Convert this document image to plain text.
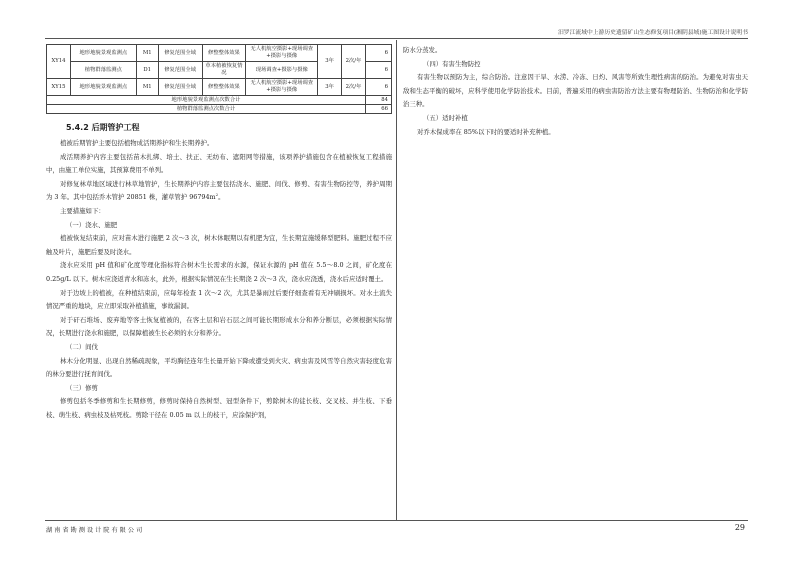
汨罗江流域中上游历史遗留矿山生态修复项目(湘阴县域)施工图设计说明书
XY14	地形地貌景观监测点	M1	修复范围全域	修整整体效果	无人机航空摄影+现场调查+摄影与摄像	3年	2次/年	6
	植物群落监测点	D1	修复范围全域	草本植被恢复情况	现场调查+摄影与摄像			6
XY15	地形地貌景观监测点	M1	修复范围全域	修整整体效果	无人机航空摄影+现场调查+摄影与摄像	3年	2次/年	6
地形地貌景观监测点次数合计								84
植物群落监测点次数合计								66
5.4.2 后期管护工程

植被后期管护主要包括植物成活期养护和生长期养护。

成活期养护内容主要包括苗木扎绑、培土、扶正、无纺布、遮阳网等措施，该项养护措施包含在植被恢复工程措施中，由施工单位实施，其预算费用不单列。

对修复林草地区域进行林草地管护，生长期养护内容主要包括浇水、施肥、间伐、修剪、有害生物防控等，养护周期为 3 年。其中包括乔木管护 20851 株，灌草管护 $96794m^2$。

主要措施如下：

（一）浇水、施肥

植被恢复结束前，应对苗木进行施肥 2 次～3 次，树木休眠期以有机肥为宜，生长期宜施缓释型肥料。施肥过程不应触及叶片，施肥后要及时浇水。

浇水应采用 pH 值和矿化度等理化指标符合树木生长需求的水源，保证水源的 pH 值在 5.5～8.0 之间，矿化度在 0.25g/L 以下。树木应浇返青水和冻水，此外，根据实际情况在生长期浇 2 次～3 次，浇水应浇透，浇水后应适时覆土。

对于边坡上的植被，在种植结束前，应每年检查 1 次～2 次，尤其是暴雨过后要仔细查看有无冲刷损坏。对水土流失情况严重的地块，应立即采取补植措施，事故漏洞。

对于矸石堆场、废弃地等客土恢复植被的，在客土层和岩石层之间可能长期形成水分和养分断层，必须根据实际情况，长期进行浇水和施肥，以保障植被生长必须的水分和养分。

（二）间伐

林木分化明显、出现自然稀疏现象，平均胸径连年生长量开始下降或遭受到火灾、病虫害及风雪等自然灾害轻度危害的林分要进行抚育间伐。

（三）修剪

修剪包括冬季修剪和生长期修剪，修剪时保持自然树型、冠型条件下，剪除树木的徒长枝、交叉枝、并生枝、下垂枝、萌生枝、病虫枝及枯死枝。剪除干径在 0.05 m 以上的枝干，应涂保护剂，

防水分蒸发。

（四）有害生物防控

有害生物以预防为主，综合防治。注意因干旱、水涝、冷冻、日灼、风害等所致生理性病害的防治。为避免对害虫天敌和生态平衡的破坏，应科学使用化学防治技术。目前，普遍采用的病虫害防治方法主要有物理防治、生物防治和化学防治三种。

（五）适时补植

对乔木保成率在 85%以下时的要适时补充种植。

湖南省勘测设计院有限公司	29
